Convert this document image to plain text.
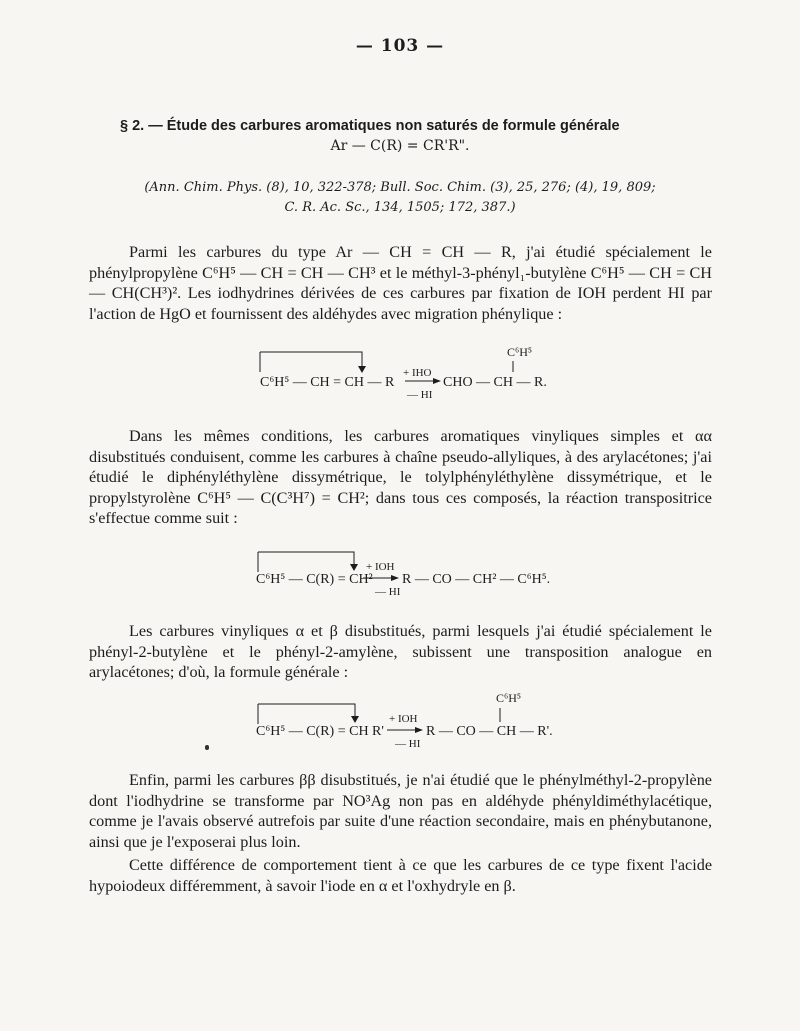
— 103 —
§ 2. — Étude des carbures aromatiques non saturés de formule générale
Ar — C(R) = CR'R".
(Ann. Chim. Phys. (8), 10, 322-378; Bull. Soc. Chim. (3), 25, 276; (4), 19, 809;
C. R. Ac. Sc., 134, 1505; 172, 387.)
Parmi les carbures du type Ar — CH = CH — R, j'ai étudié spécialement le phénylpropylène C⁶H⁵ — CH = CH — CH³ et le méthyl-3-phényl₁-butylène C⁶H⁵ — CH = CH — CH(CH³)². Les iodhydrines dérivées de ces carbures par fixation de IOH perdent HI par l'action de HgO et fournissent des aldéhydes avec migration phénylique :
C⁶H⁵
C⁶H⁵ — CH = CH — R
+ IHO
— HI
CHO — CH — R.
Dans les mêmes conditions, les carbures aromatiques vinyliques simples et αα disubstitués conduisent, comme les carbures à chaîne pseudo-allyliques, à des arylacétones; j'ai étudié le diphényléthylène dissymétrique, le tolylphényléthylène dissymétrique, et le propylstyrolène C⁶H⁵ — C(C³H⁷) = CH²; dans tous ces composés, la réaction transpositrice s'effectue comme suit :
C⁶H⁵ — C(R) = CH²
+ IOH
— HI
R — CO — CH² — C⁶H⁵.
Les carbures vinyliques α et β disubstitués, parmi lesquels j'ai étudié spécialement le phényl-2-butylène et le phényl-2-amylène, subissent une transposition analogue en arylacétones; d'où, la formule générale :
C⁶H⁵
C⁶H⁵ — C(R) = CH R'
+ IOH
— HI
R — CO — CH — R'.
Enfin, parmi les carbures ββ disubstitués, je n'ai étudié que le phénylméthyl-2-propylène dont l'iodhydrine se transforme par NO³Ag non pas en aldéhyde phényldiméthylacétique, comme je l'avais observé autrefois par suite d'une réaction secondaire, mais en phénybutanone, ainsi que je l'exposerai plus loin.
Cette différence de comportement tient à ce que les carbures de ce type fixent l'acide hypoiodeux différemment, à savoir l'iode en α et l'oxhydryle en β.
